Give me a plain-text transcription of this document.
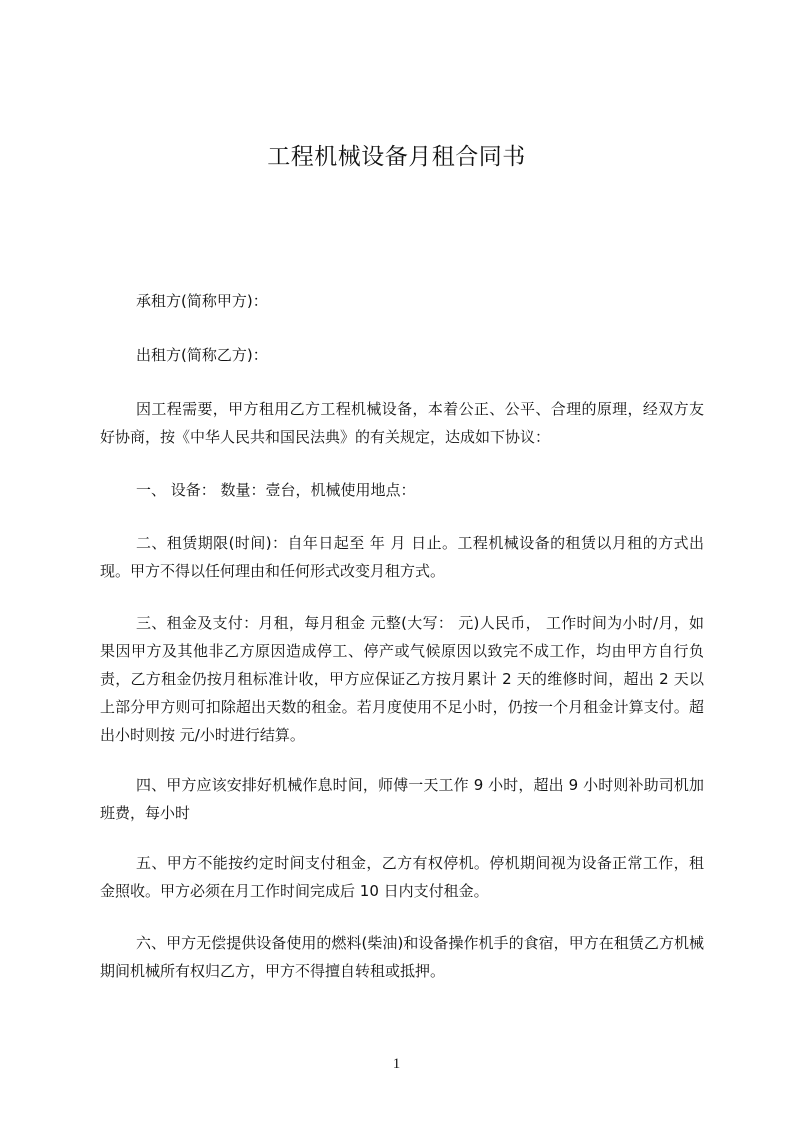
工程机械设备月租合同书
承租方(简称甲方)：
出租方(简称乙方)：
因工程需要，甲方租用乙方工程机械设备，本着公正、公平、合理的原理，经双方友好协商，按《中华人民共和国民法典》的有关规定，达成如下协议：
一、 设备： 数量：壹台，机械使用地点：
二、租赁期限(时间)：自年日起至 年 月 日止。工程机械设备的租赁以月租的方式出现。甲方不得以任何理由和任何形式改变月租方式。
三、租金及支付：月租，每月租金 元整(大写： 元)人民币， 工作时间为小时/月，如果因甲方及其他非乙方原因造成停工、停产或气候原因以致完不成工作，均由甲方自行负责，乙方租金仍按月租标准计收，甲方应保证乙方按月累计 2 天的维修时间，超出 2 天以上部分甲方则可扣除超出天数的租金。若月度使用不足小时，仍按一个月租金计算支付。超出小时则按 元/小时进行结算。
四、甲方应该安排好机械作息时间，师傅一天工作 9 小时，超出 9 小时则补助司机加班费，每小时
五、甲方不能按约定时间支付租金，乙方有权停机。停机期间视为设备正常工作，租金照收。甲方必须在月工作时间完成后 10 日内支付租金。
六、甲方无偿提供设备使用的燃料(柴油)和设备操作机手的食宿，甲方在租赁乙方机械期间机械所有权归乙方，甲方不得擅自转租或抵押。
1
